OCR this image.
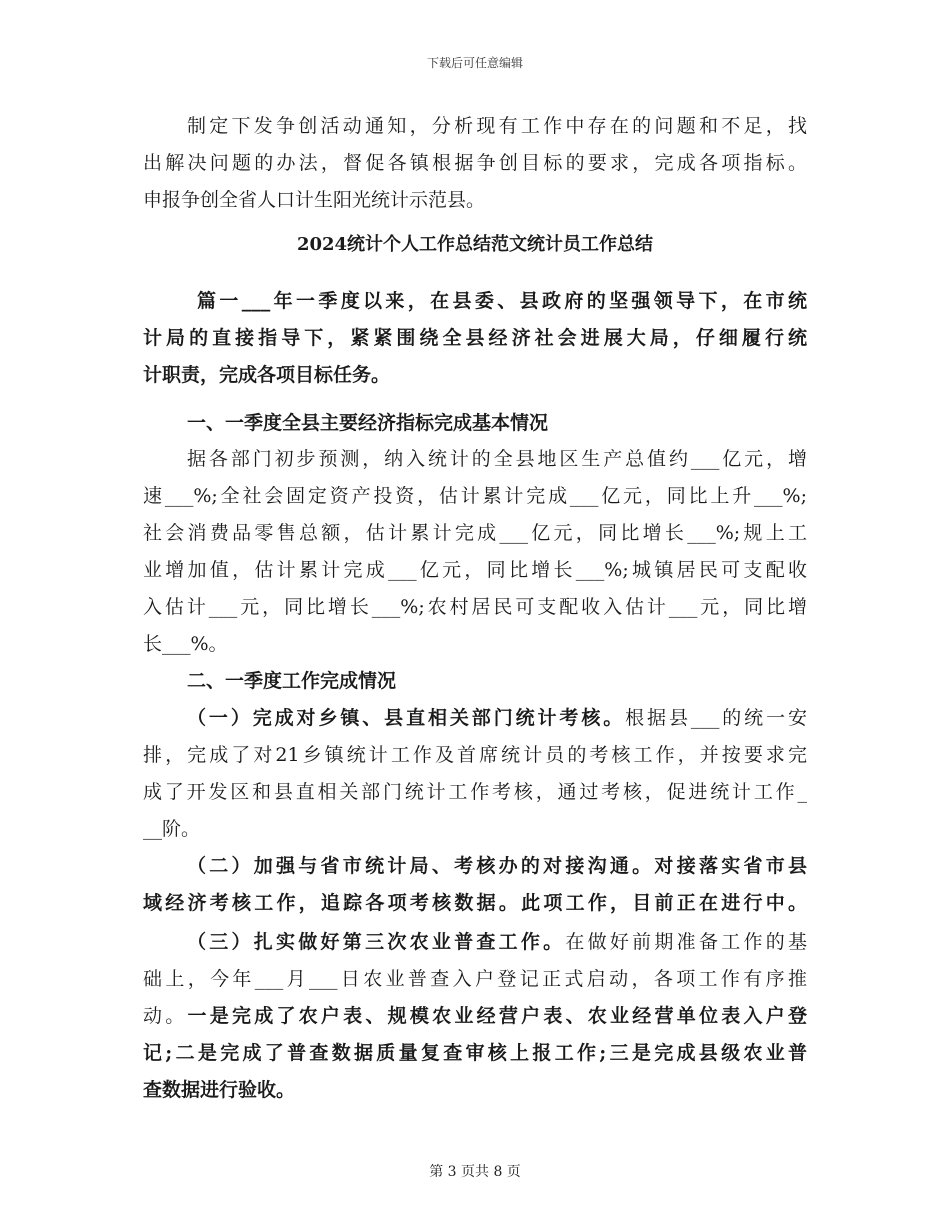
下载后可任意编辑
制定下发争创活动通知，分析现有工作中存在的问题和不足，找
出解决问题的办法，督促各镇根据争创目标的要求，完成各项指标。
申报争创全省人口计生阳光统计示范县。
2024统计个人工作总结范文统计员工作总结
篇一___年一季度以来，在县委、县政府的坚强领导下，在市统
计局的直接指导下，紧紧围绕全县经济社会进展大局，仔细履行统
计职责，完成各项目标任务。
一、一季度全县主要经济指标完成基本情况
据各部门初步预测，纳入统计的全县地区生产总值约___亿元，增
速___%;全社会固定资产投资，估计累计完成___亿元，同比上升___%;
社会消费品零售总额，估计累计完成___亿元，同比增长___%;规上工
业增加值，估计累计完成___亿元，同比增长___%;城镇居民可支配收
入估计___元，同比增长___%;农村居民可支配收入估计___元，同比增
长___%。
二、一季度工作完成情况
（一）完成对乡镇、县直相关部门统计考核。根据县___的统一安
排，完成了对21乡镇统计工作及首席统计员的考核工作，并按要求完
成了开发区和县直相关部门统计工作考核，通过考核，促进统计工作_
__阶。
（二）加强与省市统计局、考核办的对接沟通。对接落实省市县
域经济考核工作，追踪各项考核数据。此项工作，目前正在进行中。
（三）扎实做好第三次农业普查工作。在做好前期准备工作的基
础上，今年___月___日农业普查入户登记正式启动，各项工作有序推
动。一是完成了农户表、规模农业经营户表、农业经营单位表入户登
记;二是完成了普查数据质量复查审核上报工作;三是完成县级农业普
查数据进行验收。
第 3 页共 8 页
